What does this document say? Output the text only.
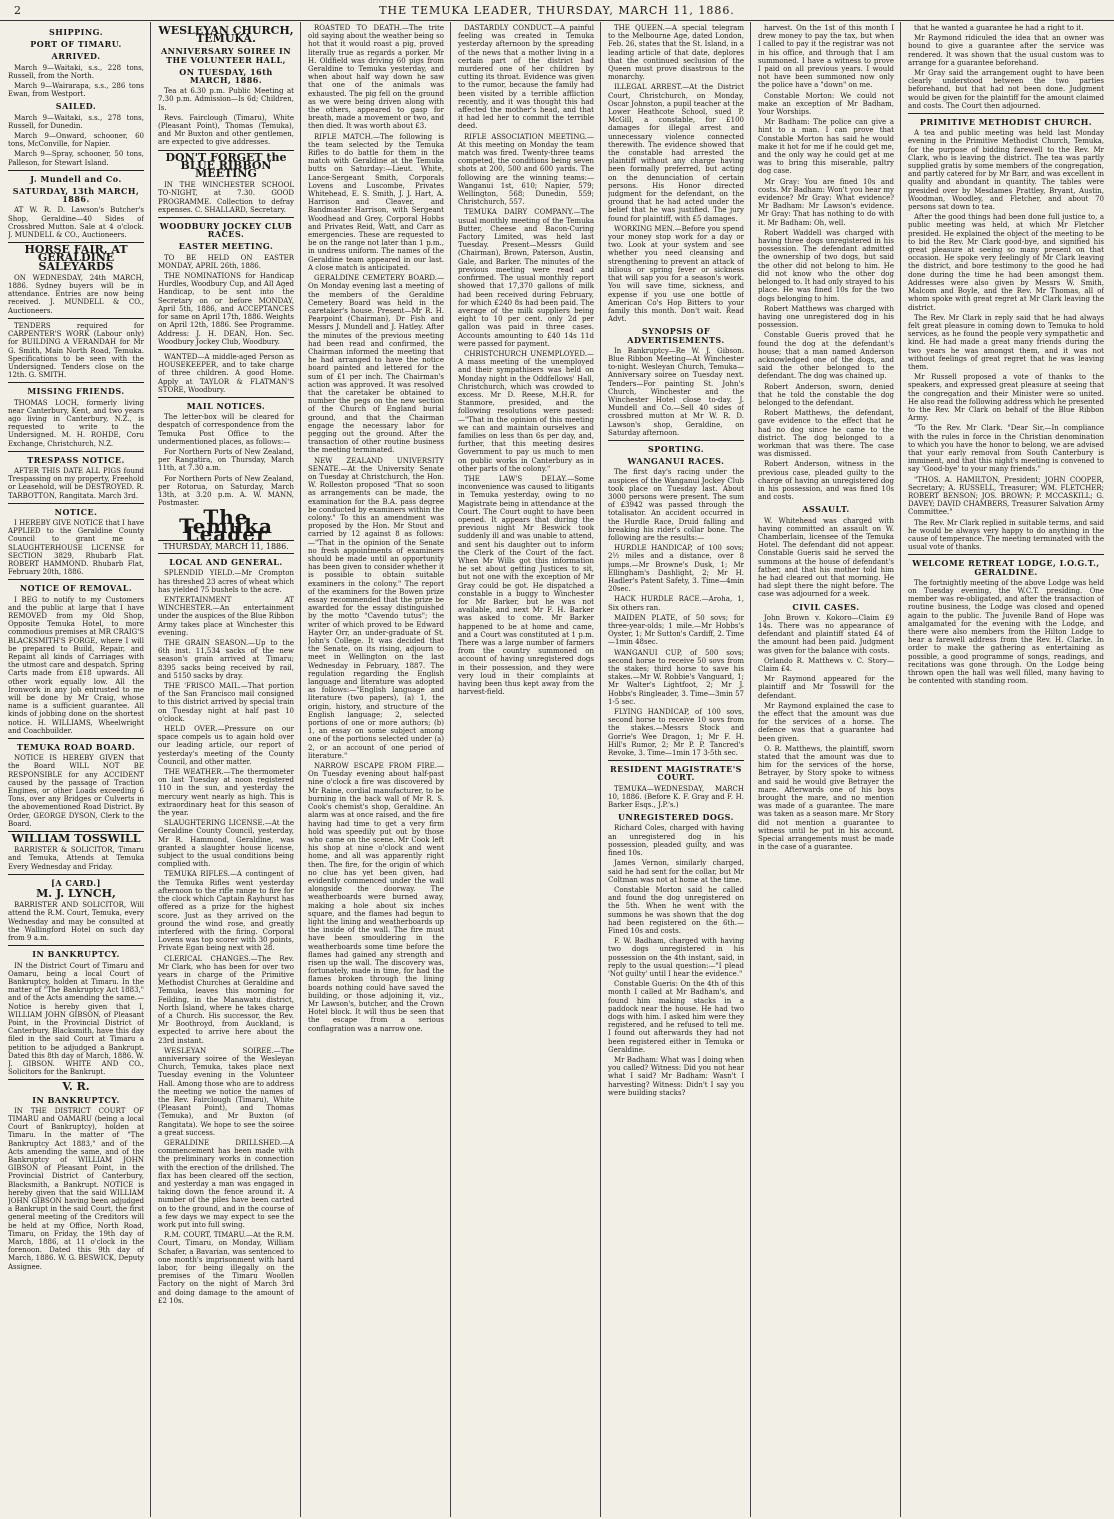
2	THE TEMUKA LEADER, THURSDAY, MARCH 11, 1886.
SHIPPING.
PORT OF TIMARU.
ARRIVED.

March 9—Waitaki, s.s., 228 tons, Russell, from the North.

March 9—Wairarapa, s.s., 286 tons Ewan, from Westport.

SAILED.

March 9—Waitaki, s.s., 278 tons, Russell, for Dunedin.

March 9—Onward, schooner, 60 tons, McConville, for Napier.

March 9—Spray, schooner, 50 tons, Palleson, for Stewart Island.

J. Mundell and Co.
SATURDAY, 13th MARCH, 1886.

AT W. R. D. Lawson's Butcher's Shop, Geraldine—40 Sides of Crossbred Mutton. Sale at 4 o'clock. J. MUNDELL & CO., Auctioneers.

HORSE FAIR, AT GERALDINE SALEYARDS

ON WEDNESDAY, 24th MARCH, 1886. Sydney buyers will be in attendance. Entries are now being received. J. MUNDELL & CO., Auctioneers.

TENDERS required for CARPENTER'S WORK (Labour only) for BUILDING A VERANDAH for Mr G. Smith, Main North Road, Temuka. Specifications to be seen with the Undersigned. Tenders close on the 12th. G. SMITH.

MISSING FRIENDS.

THOMAS LOCH, formerly living near Canterbury, Kent, and two years ago living in Canterbury, N.Z., is requested to write to the Undersigned. M. H. ROHDE, Coru Exchange, Christchurch, N.Z.

TRESPASS NOTICE.

AFTER THIS DATE ALL PIGS found Trespassing on my property, Freehold or Leasehold, will be DESTROYED. R. TARBOTTON, Rangitata. March 3rd.

NOTICE.

I HEREBY GIVE NOTICE that I have APPLIED to the Geraldine County Council to grant me a SLAUGHTERHOUSE LICENSE for SECTION 3829, Rhubarb Flat. ROBERT HAMMOND. Rhubarb Flat, February 20th, 1886.

NOTICE OF REMOVAL.

I BEG to notify to my Customers and the public at large that I have REMOVED from my Old Shop, Opposite Temuka Hotel, to more commodious premises at MR CRAIG'S BLACKSMITH'S FORGE, where I will be prepared to Build, Repair, and Repaint all kinds of Carriages with the utmost care and despatch. Spring Carts made from £18 upwards. All other work equally low. All the Ironwork in any job entrusted to me will be done by Mr Craig, whose name is a sufficient guarantee. All kinds of jobbing done on the shortest notice. H. WILLIAMS, Wheelwright and Coachbuilder.

TEMUKA ROAD BOARD.

NOTICE IS HEREBY GIVEN that the Board WILL NOT BE RESPONSIBLE for any ACCIDENT caused by the passage of Traction Engines, or other Loads exceeding 6 Tons, over any Bridges or Culverts in the abovementioned Road District. By Order, GEORGE DYSON, Clerk to the Board.

WILLIAM TOSSWILL

BARRISTER & SOLICITOR, Timaru and Temuka, Attends at Temuka Every Wednesday and Friday.

[A CARD.]
M. J. LYNCH,

BARRISTER AND SOLICITOR, Will attend the R.M. Court, Temuka, every Wednesday and may be consulted at the Wallingford Hotel on such day from 9 a.m.

IN BANKRUPTCY.

IN the District Court of Timaru and Oamaru, being a local Court of Bankruptcy, holden at Timaru. In the matter of "The Bankruptcy Act 1883," and of the Acts amending the same.—Notice is hereby given that I, WILLIAM JOHN GIBSON, of Pleasant Point, in the Provincial District of Canterbury, Blacksmith, have this day filed in the said Court at Timaru a petition to be adjudged a Bankrupt. Dated this 8th day of March, 1886. W. J. GIBSON. WHITE AND CO., Solicitors for the Bankrupt.

V. R.
IN BANKRUPTCY.

IN THE DISTRICT COURT OF TIMARU and OAMARU (being a local Court of Bankruptcy), holden at Timaru. In the matter of "The Bankruptcy Act 1883," and of the Acts amending the same, and of the Bankruptcy of WILLIAM JOHN GIBSON of Pleasant Point, in the Provincial District of Canterbury, Blacksmith, a Bankrupt. NOTICE is hereby given that the said WILLIAM JOHN GIBSON having been adjudged a Bankrupt in the said Court, the first general meeting of the Creditors will be held at my Office, North Road, Timaru, on Friday, the 19th day of March, 1886, at 11 o'clock in the forenoon. Dated this 9th day of March, 1886. W. G. BESWICK, Deputy Assignee.

WESLEYAN CHURCH, TEMUKA.
ANNIVERSARY SOIREE IN THE VOLUNTEER HALL,
ON TUESDAY, 16th MARCH, 1886.

Tea at 6.30 p.m. Public Meeting at 7.30 p.m. Admission—Is 6d; Children, Is.

Revs. Fairclough (Timaru), White (Pleasant Point), Thomas (Temuka), and Mr Buxton and other gentlemen, are expected to give addresses.

DON'T FORGET the BLUE RIBBON MEETING

IN THE WINCHESTER SCHOOL TO-NIGHT, at 7.30. GOOD PROGRAMME. Collection to defray expenses. C. SHALLARD, Secretary.

WOODBURY JOCKEY CLUB RACES.
EASTER MEETING.

TO BE HELD ON EASTER MONDAY, APRIL 26th, 1886.

THE NOMINATIONS for Handicap Hurdles, Woodbury Cup, and All Aged Handicap, to be sent into the Secretary on or before MONDAY, April 5th, 1886, and ACCEPTANCES for same on April 17th, 1886. Weights on April 12th, 1886. See Programme. Address: J. H. DEAN, Hon. Sec. Woodbury Jockey Club, Woodbury.

WANTED—A middle-aged Person as HOUSEKEEPER, and to take charge of three children. A good Home. Apply at TAYLOR & FLATMAN'S STORE, Woodbury.

MAIL NOTICES.

The letter-box will be cleared for despatch of correspondence from the Temuka Post Office to the undermentioned places, as follows:—

For Northern Ports of New Zealand, per Rangatira, on Thursday, March 11th, at 7.30 a.m.

For Northern Ports of New Zealand, per Rotorua, on Saturday, March 13th, at 3.20 p.m. A. W. MANN, Postmaster.

The Temuka Leader
THURSDAY, MARCH 11, 1886.
LOCAL AND GENERAL.

SPLENDID YIELD.—Mr Crompton has threshed 23 acres of wheat which has yielded 75 bushels to the acre.

ENTERTAINMENT AT WINCHESTER.—An entertainment under the auspices of the Blue Ribbon Army takes place at Winchester this evening.

THE GRAIN SEASON.—Up to the 6th inst. 11,534 sacks of the new season's grain arrived at Timaru; 8395 sacks being received by rail, and 5150 sacks by dray.

THE 'FRISCO MAIL.—That portion of the San Francisco mail consigned to this district arrived by special train on Tuesday night at half past 10 o'clock.

HELD OVER.—Pressure on our space compels us to again hold over our leading article, our report of yesterday's meeting of the County Council, and other matter.

THE WEATHER.—The thermometer on last Tuesday at noon registered 110 in the sun, and yesterday the mercury went nearly as high. This is extraordinary heat for this season of the year.

SLAUGHTERING LICENSE.—At the Geraldine County Council, yesterday, Mr R. Hammond, Geraldine, was granted a slaughter house license, subject to the usual conditions being complied with.

TEMUKA RIFLES.—A contingent of the Temuka Rifles went yesterday afternoon to the rifle range to fire for the clock which Captain Rayhurst has offered as a prize for the highest score. Just as they arrived on the ground the wind rose, and greatly interfered with the firing. Corporal Lovens was top scorer with 30 points, Private Egan being next with 28.

CLERICAL CHANGES.—The Rev. Mr Clark, who has been for over two years in charge of the Primitive Methodist Churches at Geraldine and Temuka, leaves this morning for Feilding, in the Manawatu district, North Island, where he takes charge of a Church. His successor, the Rev. Mr Boothroyd, from Auckland, is expected to arrive here about the 23rd instant.

WESLEYAN SOIREE.—The anniversary soiree of the Wesleyan Church, Temuka, takes place next Tuesday evening in the Volunteer Hall. Among those who are to address the meeting we notice the names of the Rev. Fairclough (Timaru), White (Pleasant Point), and Thomas (Temuka), and Mr Buxton (of Rangitata). We hope to see the soiree a great success.

GERALDINE DRILLSHED.—A commencement has been made with the preliminary works in connection with the erection of the drillshed. The flax has been cleared off the section, and yesterday a man was engaged in taking down the fence around it. A number of the piles have been carted on to the ground, and in the course of a few days we may expect to see the work put into full swing.

R.M. COURT, TIMARU.—At the R.M. Court, Timaru, on Monday, William Schafer, a Bavarian, was sentenced to one month's imprisonment with hard labor, for being illegally on the premises of the Timaru Woollen Factory on the night of March 3rd and doing damage to the amount of £2 10s.

ROASTED TO DEATH.—The trite old saying about the weather being so hot that it would roast a pig, proved literally true as regards a porker. Mr H. Oldfield was driving 60 pigs from Geraldine to Temuka yesterday, and when about half way down he saw that one of the animals was exhausted. The pig fell on the ground as we were being driven along with the others, appeared to gasp for breath, made a movement or two, and then died. It was worth about £3.

RIFLE MATCH.—The following is the team selected by the Temuka Rifles to do battle for them in the match with Geraldine at the Temuka butts on Saturday:—Lieut. White, Lance-Sergeant Smith, Corporals Lovens and Luscombe, Privates Whitehead, E. S. Smith, J. J. Hart, A. Harrison and Cleaver, and Bandmaster Harrison, with Sergeant Woodhead and Grey, Corporal Hobbs and Privates Reid, Watt, and Carr as emergencies. These are requested to be on the range not later than 1 p.m., in undress uniform. The names of the Geraldine team appeared in our last. A close match is anticipated.

GERALDINE CEMETERY BOARD.—On Monday evening last a meeting of the members of the Geraldine Cemetery Board was held in the caretaker's house. Present—Mr R. H. Pearpoint (Chairman), Dr Fish and Messrs J. Mundell and J. Hatley. After the minutes of the previous meeting had been read and confirmed, the Chairman informed the meeting that he had arranged to have the notice board painted and lettered for the sum of £1 per inch. The Chairman's action was approved. It was resolved that the caretaker be obtained to number the pegs on the new section of the Church of England burial ground, and that the Chairman engage the necessary labor for pegging out the ground. After the transaction of other routine business the meeting terminated.

NEW ZEALAND UNIVERSITY SENATE.—At the University Senate on Tuesday at Christchurch, the Hon. W. Rolleston proposed "That so soon as arrangements can be made, the examination for the B.A. pass degree be conducted by examiners within the colony." To this an amendment was proposed by the Hon. Mr Stout and carried by 12 against 8 as follows:—"That in the opinion of the Senate no fresh appointments of examiners should be made until an opportunity has been given to consider whether it is possible to obtain suitable examiners in the colony." The report of the examiners for the Bowen prize essay recommended that the prize be awarded for the essay distinguished by the motto "Cavendo tutus"; the writer of which proved to be Edward Hayter Orr, an under-graduate of St. John's College. It was decided that the Senate, on its rising, adjourn to meet in Wellington on the last Wednesday in February, 1887. The regulation regarding the English language and literature was adopted as follows:—"English language and literature (two papers), (a) 1, the origin, history, and structure of the English language; 2, selected portions of one or more authors; (b) 1, an essay on some subject among one of the portions selected under (a) 2, or an account of one period of literature."

NARROW ESCAPE FROM FIRE.—On Tuesday evening about half-past nine o'clock a fire was discovered by Mr Raine, cordial manufacturer, to be burning in the back wall of Mr R. S. Cook's chemist's shop, Geraldine. An alarm was at once raised, and the fire having had time to get a very firm hold was speedily put out by those who came on the scene. Mr Cook left his shop at nine o'clock and went home, and all was apparently right then. The fire, for the origin of which no clue has yet been given, had evidently commenced under the wall alongside the doorway. The weatherboards were burned away, making a hole about six inches square, and the flames had begun to light the lining and weatherboards up the inside of the wall. The fire must have been smouldering in the weatherboards some time before the flames had gained any strength and risen up the wall. The discovery was, fortunately, made in time, for had the flames broken through the lining boards nothing could have saved the building, or those adjoining it, viz., Mr Lawson's, butcher, and the Crown Hotel block. It will thus be seen that the escape from a serious conflagration was a narrow one.

DASTARDLY CONDUCT.—A painful feeling was created in Temuka yesterday afternoon by the spreading of the news that a mother living in a certain part of the district had murdered one of her children by cutting its throat. Evidence was given to the rumor, because the family had been visited by a terrible affliction recently, and it was thought this had affected the mother's head, and that it had led her to commit the terrible deed.

RIFLE ASSOCIATION MEETING.—At this meeting on Monday the team match was fired. Twenty-three teams competed, the conditions being seven shots at 200, 500 and 600 yards. The following are the winning teams:—Wanganui 1st, 610; Napier, 579; Wellington, 568; Dunedin, 559; Christchurch, 557.

TEMUKA DAIRY COMPANY.—The usual monthly meeting of the Temuka Butter, Cheese and Bacon-Curing Factory Limited, was held last Tuesday. Present—Messrs Guild (Chairman), Brown, Paterson, Austin, Gale, and Barker. The minutes of the previous meeting were read and confirmed. The usual monthly report showed that 17,370 gallons of milk had been received during February, for which £240 8s had been paid. The average of the milk suppliers being eight to 10 per cent. only 2d per gallon was paid in three cases. Accounts amounting to £40 14s 11d were passed for payment.

CHRISTCHURCH UNEMPLOYED.—A mass meeting of the unemployed and their sympathisers was held on Monday night in the Oddfellows' Hall, Christchurch, which was crowded to excess. Mr D. Reese, M.H.R. for Stanmore, presided, and the following resolutions were passed:—"That in the opinion of this meeting we can and maintain ourselves and families on less than 6s per day, and, further, that this meeting desires Government to pay us much to men on public works in Canterbury as in other parts of the colony."

THE LAW'S DELAY.—Some inconvenience was caused to litigants in Temuka yesterday, owing to no Magistrate being in attendance at the Court. The Court ought to have been opened. It appears that during the previous night Mr Beswick took suddenly ill and was unable to attend, and sent his daughter out to inform the Clerk of the Court of the fact. When Mr Wills got this information he set about getting Justices to sit, but not one with the exception of Mr Gray could be got. He dispatched a constable in a buggy to Winchester for Mr Barker, but he was not available, and next Mr F. H. Barker was asked to come. Mr Barker happened to be at home and came, and a Court was constituted at 1 p.m. There was a large number of farmers from the country summoned on account of having unregistered dogs in their possession, and they were very loud in their complaints at having been thus kept away from the harvest-field.

THE QUEEN.—A special telegram to the Melbourne Age, dated London, Feb. 26, states that the St. Island, in a leading article of that date, deplores that the continued seclusion of the Queen must prove disastrous to the monarchy.

ILLEGAL ARREST.—At the District Court, Christchurch, on Monday, Oscar Johnston, a pupil teacher at the Lower Heathcote School, sued P. McGill, a constable, for £100 damages for illegal arrest and unnecessary violence connected therewith. The evidence showed that the constable had arrested the plaintiff without any charge having been formally preferred, but acting on the denunciation of certain persons. His Honor directed judgment for the defendant, on the ground that he had acted under the belief that he was justified. The jury found for plaintiff, with £5 damages.

WORKING MEN.—Before you spend your money stop work for a day or two. Look at your system and see whether you need cleansing and strengthening to prevent an attack of bilious or spring fever or sickness that will sap you for a season's work. You will save time, sickness, and expense if you use one bottle of American Co's Hop Bitters to your family this month. Don't wait. Read Advt.

SYNOPSIS OF ADVERTISEMENTS.

In Bankruptcy—Re W. J. Gibson. Blue Ribbon Meeting—At Winchester to-night. Wesleyan Church, Temuka—Anniversary soiree on Tuesday next. Tenders—For painting St. John's Church, Winchester and the Winchester Hotel close to-day. J. Mundell and Co.—Sell 40 sides of crossbred mutton at Mr W. R. D. Lawson's shop, Geraldine, on Saturday afternoon.

SPORTING.
WANGANUI RACES.

The first day's racing under the auspices of the Wanganui Jockey Club took place on Tuesday last. About 3000 persons were present. The sum of £3942 was passed through the totalisator. An accident occurred in the Hurdle Race, Druid falling and breaking his rider's collar bone. The following are the results:—

HURDLE HANDICAP, of 100 sovs; 2½ miles and a distance, over 8 jumps.—Mr Browne's Dusk, 1; Mr Ellingham's Dashlight, 2; Mr H. Hadler's Patent Safety, 3. Time—4min 20sec.

HACK HURDLE RACE.—Aroha, 1, Six others ran.

MAIDEN PLATE, of 50 sovs; for three-year-olds; 1 mile.—Mr Hobbs's Oyster, 1; Mr Sutton's Cardiff, 2. Time—1min 48sec.

WANGANUI CUP, of 500 sovs; second horse to receive 50 sovs from the stakes; third horse to save his stakes.—Mr W. Robbie's Vanguard, 1; Mr Walter's Lightfoot, 2; Mr J. Hobbs's Ringleader, 3. Time—3min 57 1-5 sec.

FLYING HANDICAP, of 100 sovs, second horse to receive 10 sovs from the stakes.—Messrs Stock and Gorrie's Wee Dragon, 1; Mr F. H. Hill's Rumor, 2; Mr P. P. Tancred's Revoke, 3. Time—1min 17 3-5th sec.

RESIDENT MAGISTRATE'S COURT.

TEMUKA—WEDNESDAY, MARCH 10, 1886. (Before K. F. Gray and F. H. Barker Esqs., J.P.'s.)

UNREGISTERED DOGS.

Richard Coles, charged with having an unregistered dog in his possession, pleaded guilty, and was fined 10s.

James Vernon, similarly charged, said he had sent for the collar, but Mr Coltman was not at home at the time.

Constable Morton said he called and found the dog unregistered on the 5th. When he went with the summons he was shown that the dog had been registered on the 6th.—Fined 10s and costs.

F. W. Badham, charged with having two dogs unregistered in his possession on the 4th instant, said, in reply to the usual question:—"I plead 'Not guilty' until I hear the evidence."

Constable Gueris: On the 4th of this month I called at Mr Badham's, and found him making stacks in a paddock near the house. He had two dogs with him. I asked him were they registered, and he refused to tell me. I found out afterwards they had not been registered either in Temuka or Geraldine.

Mr Badham: What was I doing when you called? Witness: Did you not hear what I said? Mr Badham: Wasn't I harvesting? Witness: Didn't I say you were building stacks?

harvest. On the 1st of this month I drew money to pay the tax, but when I called to pay it the registrar was not in his office, and through that I am summoned. I have a witness to prove I paid on all previous years. I would not have been summoned now only the police have a "down" on me.

Constable Morton: We could not make an exception of Mr Badham, Your Worships.

Mr Badham: The police can give a hint to a man. I can prove that Constable Morton has said he would make it hot for me if he could get me, and the only way he could get at me was to bring this miserable, paltry dog case.

Mr Gray: You are fined 10s and costs. Mr Badham: Won't you hear my evidence? Mr Gray: What evidence? Mr Badham: Mr Lawson's evidence. Mr Gray: That has nothing to do with it. Mr Badham: Oh, well.

Robert Waddell was charged with having three dogs unregistered in his possession. The defendant admitted the ownership of two dogs, but said the other did not belong to him. He did not know who the other dog belonged to. It had only strayed to his place. He was fined 10s for the two dogs belonging to him.

Robert Matthews was charged with having one unregistered dog in his possession.

Constable Gueris proved that he found the dog at the defendant's house; that a man named Anderson acknowledged one of the dogs, and said the other belonged to the defendant. The dog was chained up.

Robert Anderson, sworn, denied that he told the constable the dog belonged to the defendant.

Robert Matthews, the defendant, gave evidence to the effect that he had no dog since he came to the district. The dog belonged to a workman that was there. The case was dismissed.

Robert Anderson, witness in the previous case, pleaded guilty to the charge of having an unregistered dog in his possession, and was fined 10s and costs.

ASSAULT.

W. Whitehead was charged with having committed an assault on W. Chamberlain, licensee of the Temuka Hotel. The defendant did not appear. Constable Gueris said he served the summons at the house of defendant's father, and that his mother told him he had cleared out that morning. He had slept there the night before. The case was adjourned for a week.

CIVIL CASES.

John Brown v. Kokoro—Claim £9 14s. There was no appearance of defendant and plaintiff stated £4 of the amount had been paid. Judgment was given for the balance with costs.

Orlando R. Matthews v. C. Story—Claim £4.

Mr Raymond appeared for the plaintiff and Mr Tosswill for the defendant.

Mr Raymond explained the case to the effect that the amount was due for the services of a horse. The defence was that a guarantee had been given.

O. R. Matthews, the plaintiff, sworn stated that the amount was due to him for the services of the horse, Betrayer, by Story spoke to witness and said he would give Betrayer the mare. Afterwards one of his boys brought the mare, and no mention was made of a guarantee. The mare was taken as a season mare. Mr Story did not mention a guarantee to witness until he put in his account. Special arrangements must be made in the case of a guarantee.

that he wanted a guarantee he had a right to it.

Mr Raymond ridiculed the idea that an owner was bound to give a guarantee after the service was rendered. It was shown that the usual custom was to arrange for a guarantee beforehand.

Mr Gray said the arrangement ought to have been clearly understood between the two parties beforehand, but that had not been done. Judgment would be given for the plaintiff for the amount claimed and costs. The Court then adjourned.

PRIMITIVE METHODIST CHURCH.

A tea and public meeting was held last Monday evening in the Primitive Methodist Church, Temuka, for the purpose of bidding farewell to the Rev. Mr Clark, who is leaving the district. The tea was partly supplied gratis by some members of the congregation, and partly catered for by Mr Barr, and was excellent in quality and abundant in quantity. The tables were presided over by Mesdames Prattley, Bryant, Austin, Woodman, Woodley, and Fletcher, and about 70 persons sat down to tea.

After the good things had been done full justice to, a public meeting was held, at which Mr Fletcher presided. He explained the object of the meeting to be to bid the Rev. Mr Clark good-bye, and signified his great pleasure at seeing so many present on that occasion. He spoke very feelingly of Mr Clark leaving the district, and bore testimony to the good he had done during the time he had been amongst them. Addresses were also given by Messrs W. Smith, Malcom and Boyle, and the Rev. Mr Thomas, all of whom spoke with great regret at Mr Clark leaving the district.

The Rev. Mr Clark in reply said that he had always felt great pleasure in coming down to Temuka to hold services, as he found the people very sympathetic and kind. He had made a great many friends during the two years he was amongst them, and it was not without feelings of great regret that he was leaving them.

Mr Russell proposed a vote of thanks to the speakers, and expressed great pleasure at seeing that the congregation and their Minister were so united. He also read the following address which he presented to the Rev. Mr Clark on behalf of the Blue Ribbon Army.

"To the Rev. Mr Clark. "Dear Sir,—In compliance with the rules in force in the Christian denomination to which you have the honor to belong, we are advised that your early removal from South Canterbury is imminent, and that this night's meeting is convened to say 'Good-bye' to your many friends."

"THOS. A. HAMILTON, President; JOHN COOPER, Secretary; A. RUSSELL, Treasurer; WM. FLETCHER; ROBERT BENSON; JOS. BROWN; P. MCCASKILL; G. DAVEY; DAVID CHAMBERS, Treasurer Salvation Army Committee."

The Rev. Mr Clark replied in suitable terms, and said he would be always very happy to do anything in the cause of temperance. The meeting terminated with the usual vote of thanks.

WELCOME RETREAT LODGE, I.O.G.T., GERALDINE.

The fortnightly meeting of the above Lodge was held on Tuesday evening, the W.C.T. presiding. One member was re-obligated, and after the transaction of routine business, the Lodge was closed and opened again to the public. The Juvenile Band of Hope was amalgamated for the evening with the Lodge, and there were also members from the Hilton Lodge to hear a farewell address from the Rev. H. Clarke. In order to make the gathering as entertaining as possible, a good programme of songs, readings, and recitations was gone through. On the Lodge being thrown open the hall was well filled, many having to be contented with standing room.
